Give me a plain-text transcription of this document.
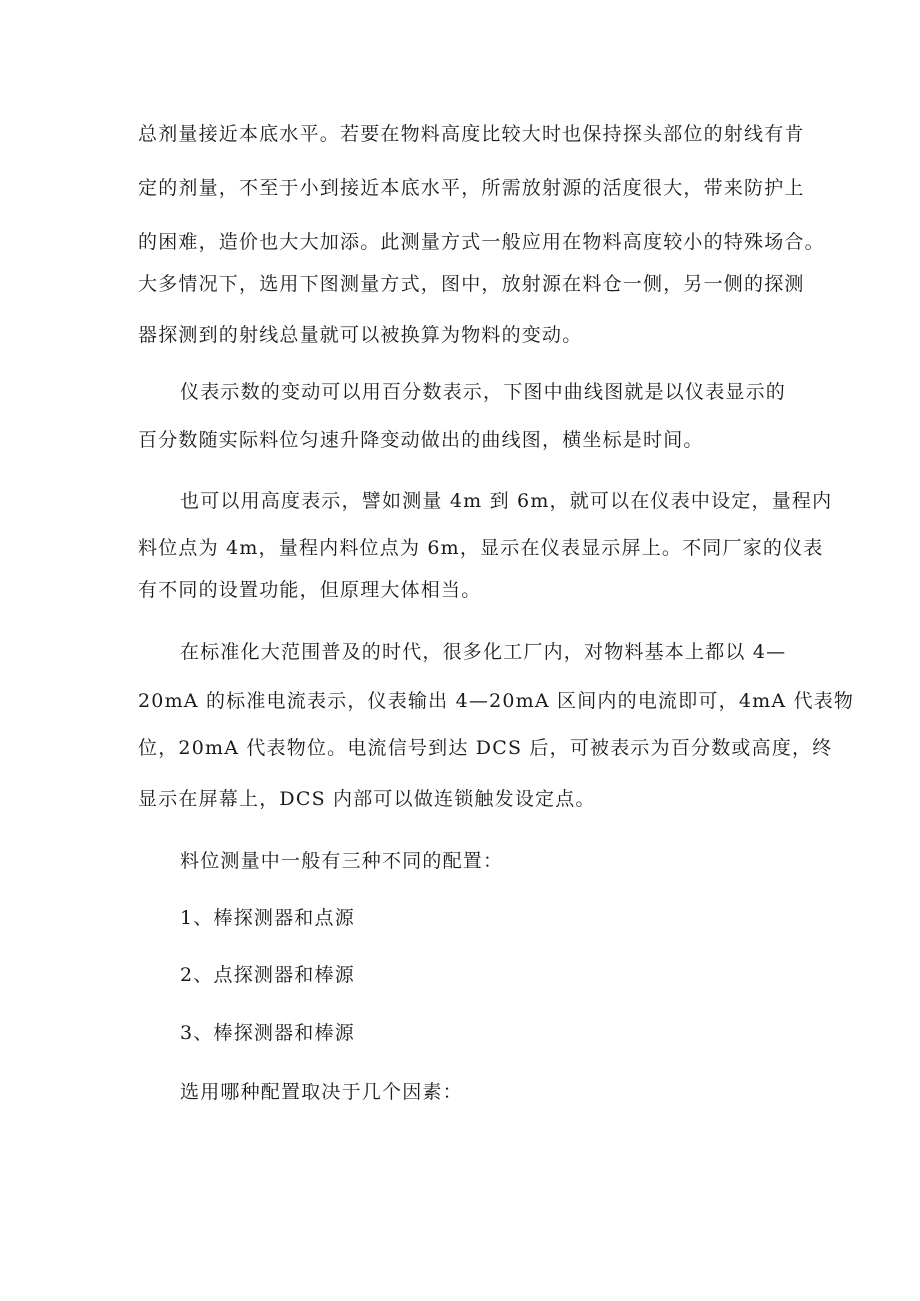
总剂量接近本底水平。若要在物料高度比较大时也保持探头部位的射线有肯
定的剂量，不至于小到接近本底水平，所需放射源的活度很大，带来防护上
的困难，造价也大大加添。此测量方式一般应用在物料高度较小的特殊场合。
大多情况下，选用下图测量方式，图中，放射源在料仓一侧，另一侧的探测
器探测到的射线总量就可以被换算为物料的变动。
仪表示数的变动可以用百分数表示，下图中曲线图就是以仪表显示的
百分数随实际料位匀速升降变动做出的曲线图，横坐标是时间。
也可以用高度表示，譬如测量 4m 到 6m，就可以在仪表中设定，量程内
料位点为 4m，量程内料位点为 6m，显示在仪表显示屏上。不同厂家的仪表
有不同的设置功能，但原理大体相当。
在标准化大范围普及的时代，很多化工厂内，对物料基本上都以 4—
20mA 的标准电流表示，仪表输出 4—20mA 区间内的电流即可，4mA 代表物
位，20mA 代表物位。电流信号到达 DCS 后，可被表示为百分数或高度，终
显示在屏幕上，DCS 内部可以做连锁触发设定点。
料位测量中一般有三种不同的配置：
1、棒探测器和点源
2、点探测器和棒源
3、棒探测器和棒源
选用哪种配置取决于几个因素：
